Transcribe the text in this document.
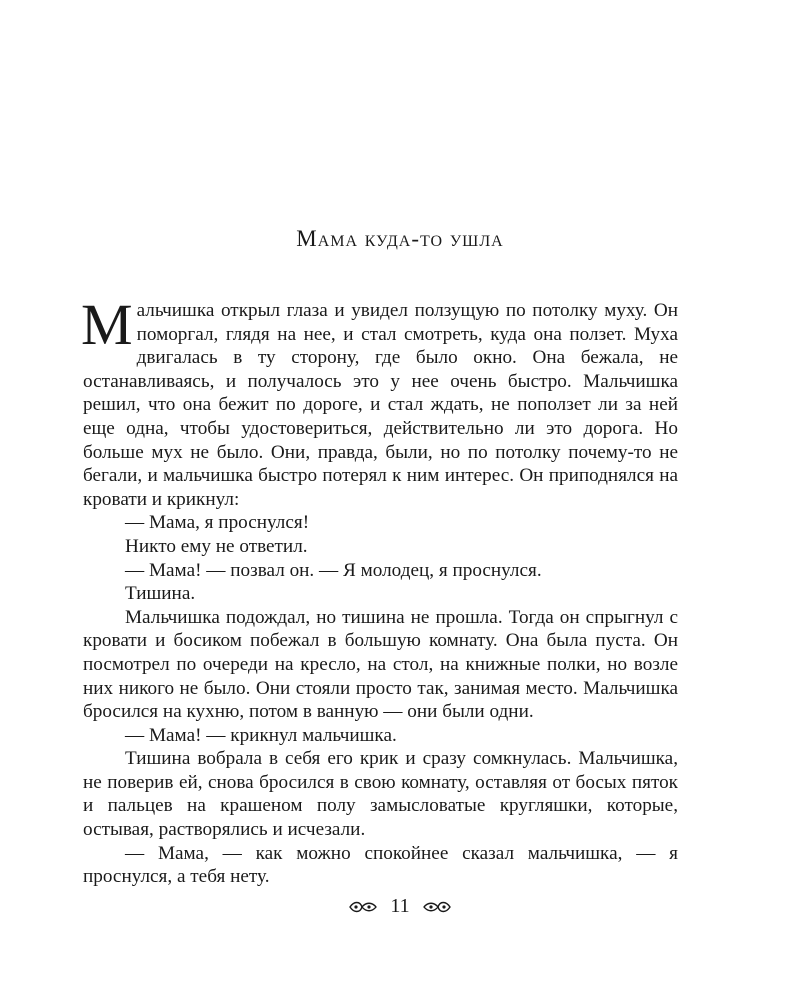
Мама куда-то ушла

Мальчишка открыл глаза и увидел ползущую по потолку муху. Он поморгал, глядя на нее, и стал смотреть, куда она ползет. Муха двигалась в ту сторону, где было окно. Она бежала, не останавливаясь, и получалось это у нее очень быстро. Мальчишка решил, что она бежит по дороге, и стал ждать, не поползет ли за ней еще одна, чтобы удостовериться, действительно ли это дорога. Но больше мух не было. Они, правда, были, но по потолку почему-то не бегали, и мальчишка быстро потерял к ним интерес. Он приподнялся на кровати и крикнул:

— Мама, я проснулся!

Никто ему не ответил.

— Мама! — позвал он. — Я молодец, я проснулся.

Тишина.

Мальчишка подождал, но тишина не прошла. Тогда он спрыгнул с кровати и босиком побежал в большую комнату. Она была пуста. Он посмотрел по очереди на кресло, на стол, на книжные полки, но возле них никого не было. Они стояли просто так, занимая место. Мальчишка бросился на кухню, потом в ванную — они были одни.

— Мама! — крикнул мальчишка.

Тишина вобрала в себя его крик и сразу сомкнулась. Мальчишка, не поверив ей, снова бросился в свою комнату, оставляя от босых пяток и пальцев на крашеном полу замысловатые кругляшки, которые, остывая, растворялись и исчезали.

— Мама, — как можно спокойнее сказал мальчишка, — я проснулся, а тебя нету.

11
